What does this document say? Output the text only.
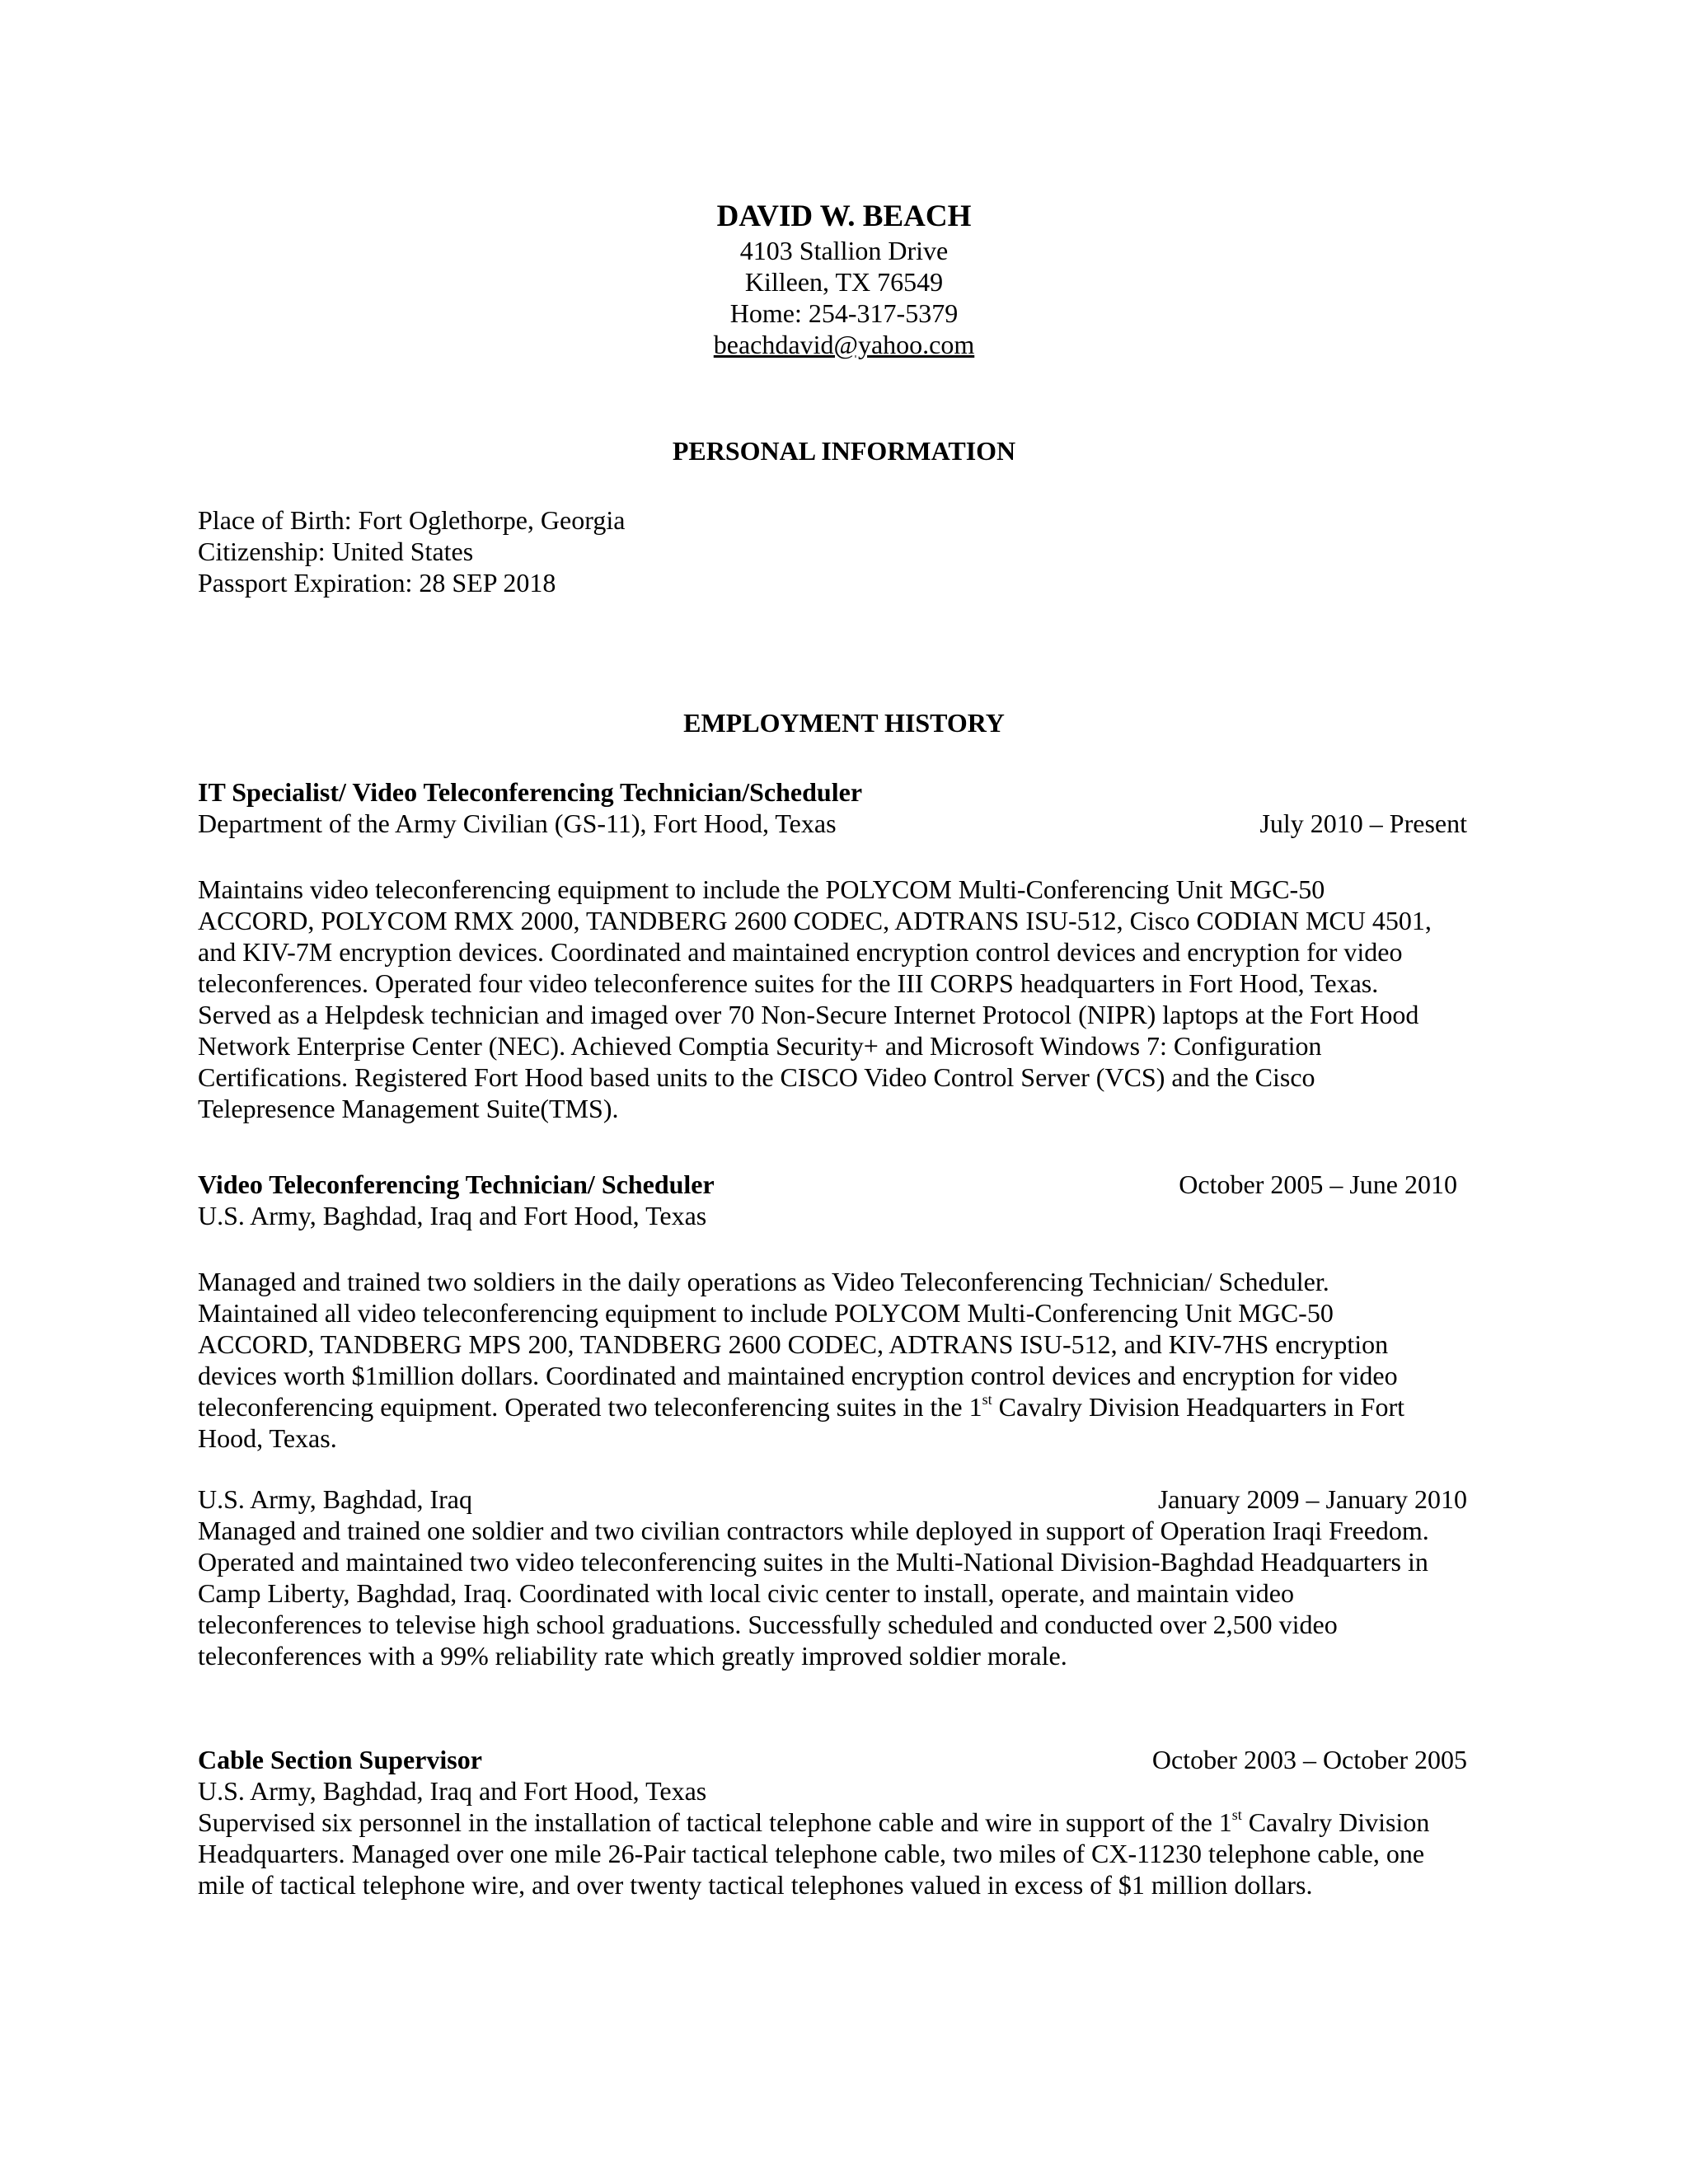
DAVID W. BEACH
4103 Stallion Drive
Killeen, TX 76549
Home: 254-317-5379
beachdavid@yahoo.com
PERSONAL INFORMATION
Place of Birth: Fort Oglethorpe, Georgia
Citizenship: United States
Passport Expiration: 28 SEP 2018
EMPLOYMENT HISTORY
IT Specialist/ Video Teleconferencing Technician/Scheduler
Department of the Army Civilian (GS-11), Fort Hood, Texas	July 2010 – Present
Maintains video teleconferencing equipment to include the POLYCOM Multi-Conferencing Unit MGC-50
ACCORD, POLYCOM RMX 2000, TANDBERG 2600 CODEC, ADTRANS ISU-512, Cisco CODIAN MCU 4501,
and KIV-7M encryption devices. Coordinated and maintained encryption control devices and encryption for video
teleconferences. Operated four video teleconference suites for the III CORPS headquarters in Fort Hood, Texas.
Served as a Helpdesk technician and imaged over 70 Non-Secure Internet Protocol (NIPR) laptops at the Fort Hood
Network Enterprise Center (NEC). Achieved Comptia Security+ and Microsoft Windows 7: Configuration
Certifications. Registered Fort Hood based units to the CISCO Video Control Server (VCS) and the Cisco
Telepresence Management Suite(TMS).
Video Teleconferencing Technician/ Scheduler	October 2005 – June 2010
U.S. Army, Baghdad, Iraq and Fort Hood, Texas
Managed and trained two soldiers in the daily operations as Video Teleconferencing Technician/ Scheduler.
Maintained all video teleconferencing equipment to include POLYCOM Multi-Conferencing Unit MGC-50
ACCORD, TANDBERG MPS 200, TANDBERG 2600 CODEC, ADTRANS ISU-512, and KIV-7HS encryption
devices worth $1million dollars. Coordinated and maintained encryption control devices and encryption for video
teleconferencing equipment. Operated two teleconferencing suites in the 1st Cavalry Division Headquarters in Fort
Hood, Texas.
U.S. Army, Baghdad, Iraq	January 2009 – January 2010
Managed and trained one soldier and two civilian contractors while deployed in support of Operation Iraqi Freedom.
Operated and maintained two video teleconferencing suites in the Multi-National Division-Baghdad Headquarters in
Camp Liberty, Baghdad, Iraq. Coordinated with local civic center to install, operate, and maintain video
teleconferences to televise high school graduations. Successfully scheduled and conducted over 2,500 video
teleconferences with a 99% reliability rate which greatly improved soldier morale.
Cable Section Supervisor	October 2003 – October 2005
U.S. Army, Baghdad, Iraq and Fort Hood, Texas
Supervised six personnel in the installation of tactical telephone cable and wire in support of the 1st Cavalry Division
Headquarters. Managed over one mile 26-Pair tactical telephone cable, two miles of CX-11230 telephone cable, one
mile of tactical telephone wire, and over twenty tactical telephones valued in excess of $1 million dollars.
